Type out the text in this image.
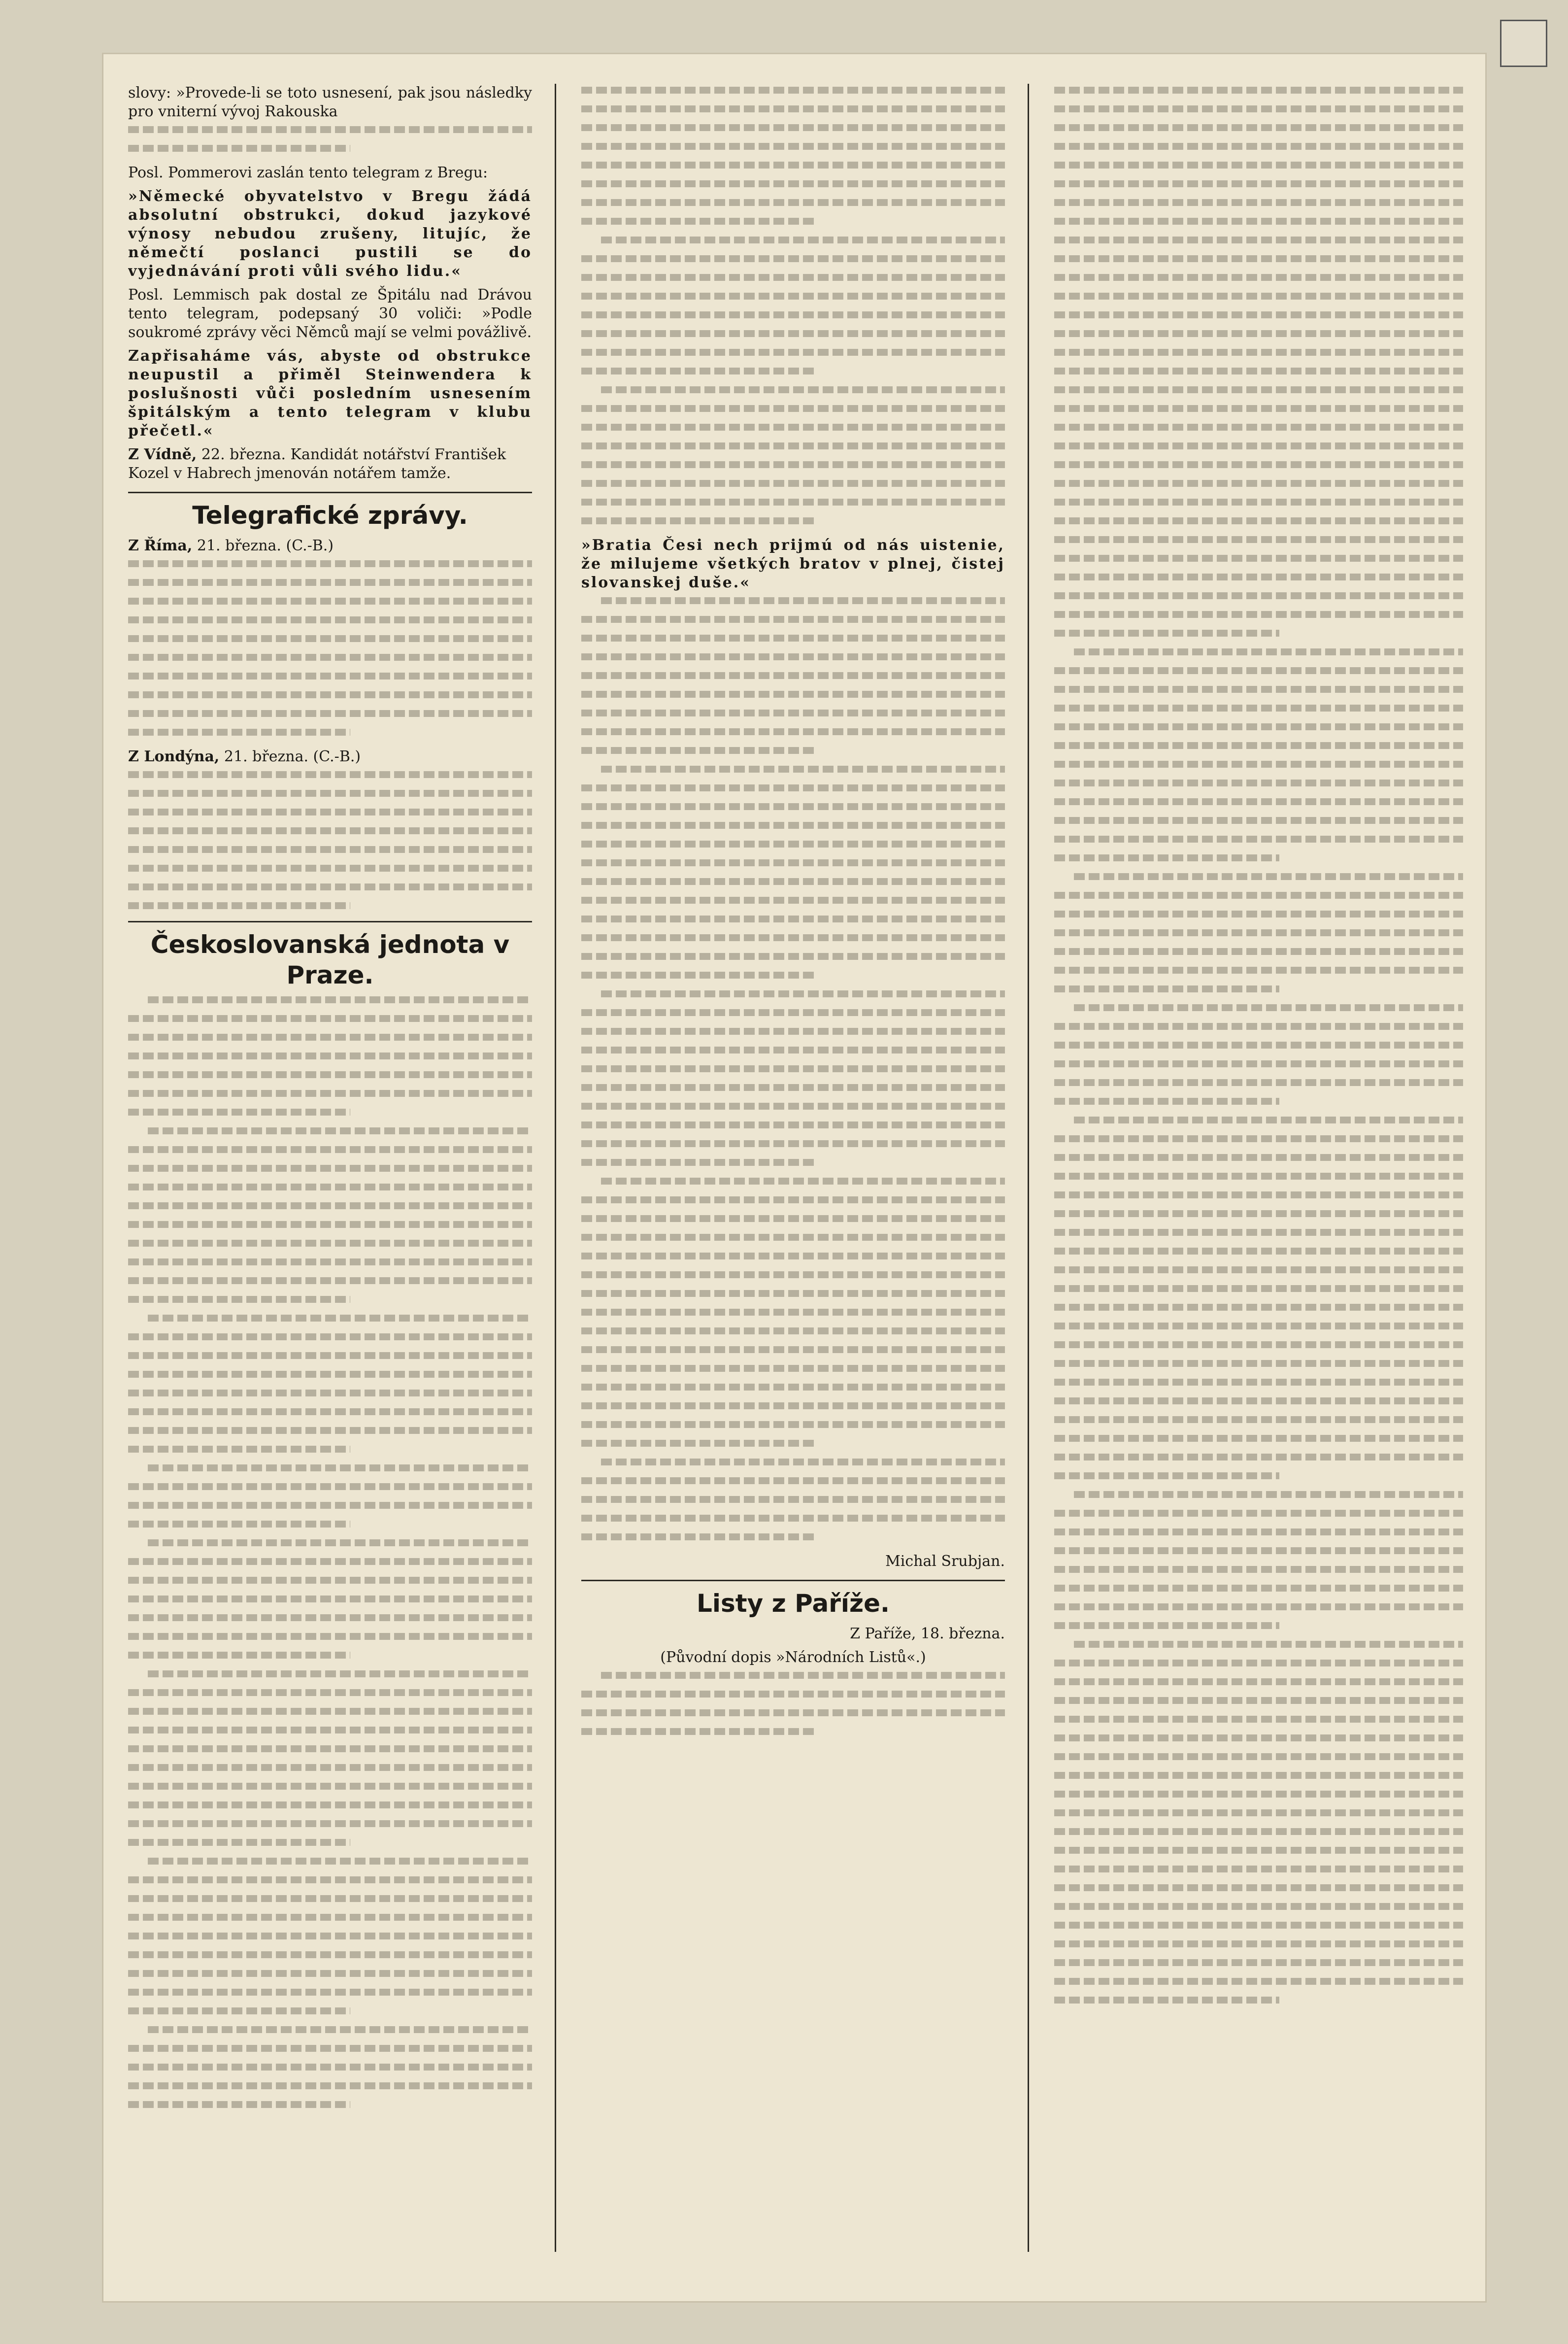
slovy: »Provede-li se toto usnesení, pak jsou následky pro vniterní vývoj Rakouska

Posl. Pommerovi zaslán tento telegram z Bregu:

»Německé obyvatelstvo v Bregu žádá absolutní obstrukci, dokud jazykové výnosy nebudou zrušeny, litujíc, že němečtí poslanci pustili se do vyjednávání proti vůli svého lidu.«

Posl. Lemmisch pak dostal ze Špitálu nad Drávou tento telegram, podepsaný 30 voliči: »Podle soukromé zprávy věci Němců mají se velmi povážlivě.

Zapřisaháme vás, abyste od obstrukce neupustil a přiměl Steinwendera k poslušnosti vůči posledním usnesením špitálským a tento telegram v klubu přečetl.«

Z Vídně, 22. března. Kandidát notářství František Kozel v Habrech jmenován notářem tamže.

Telegrafické zprávy.

Z Říma, 21. března. (C.-B.)

Z Londýna, 21. března. (C.-B.)

Českoslovanská jednota v Praze.

»Bratia Česi nech prijmú od nás uistenie, že milujeme všetkých bratov v plnej, čistej slovanskej duše.«

Michal Srubjan.

Listy z Paříže.

Z Paříže, 18. března.

(Původní dopis »Národních Listů«.)
